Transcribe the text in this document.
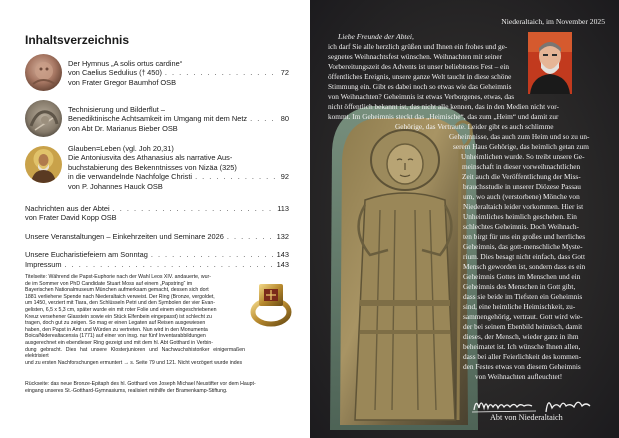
Inhaltsverzeichnis
Der Hymnus „A solis ortus cardine“
von Caelius Sedulius († 450) . . .	72
von Frater Gregor Baumhof OSB
Technisierung und Bilderflut –
Benediktinische Achtsamkeit im Umgang mit dem Netz . . .	80
von Abt Dr. Marianus Bieber OSB
Glauben=Leben (vgl. Joh 20,31)
Die Antoniusvita des Athanasius als narrative Aus-
buchstabierung des Bekenntnisses von Nizäa (325)
in die verwandelnde Nachfolge Christi . . .	92
von P. Johannes Hauck OSB
Nachrichten aus der Abtei . . .	113
von Frater David Kopp OSB
Unsere Veranstaltungen – Einkehrzeiten und Seminare 2026 . . .	132
Unsere Eucharistiefeiern am Sonntag . . .	143
Impressum . . .	143
Titelseite: Während die Papst-Euphorie nach der Wahl Leos XIV. andauerte, wur-
de im Sommer von PhD Candidate Stuart Moss auf einem „Papstring“ im
Bayerischen Nationalmuseum München aufmerksam gemacht, dessen sich dort
1881 verliehene Spende nach Niederaltaich verweist. Der Ring (Bronze, vergoldet,
um 1450, verziert mit Tiara, den Schlüsseln Petri und den Symbolen der vier Evan-
gelisten, 6,5 x 5,3 cm, später wurde ein mit roter Folie und einem eingeschriebenen
Kreuz versehener Glasstein sowie ein Stück Elfenbein eingepasst) ist schlecht zu
tragen, doch gut zu zeigen. So mag er einen Legaten auf Reisen ausgewiesen
haben, den Papst in Amt und Würden zu vertreten. Nun wird in den Monumenta
Boica/Niderealtacensia (1771) auf einer von insg. nur fünf Inventarabbildungen
ausgerechnet ein ebendieser Ring gezeigt und mit dem hl. Abt Gotthard in Verbin-
dung gebracht. Dies hat unsere Klosterjunioren und Nachwuchshistoriker einigermaßen elektrisiert
und zu ersten Nachforschungen ermuntert → s. Seite 79 und 121. Nicht verzögert wurde indes
Rückseite: das neue Bronze-Epitaph des hl. Gotthard von Joseph Michael Neustifter vor dem Haupt-
eingang unseres St.-Gotthard-Gymnasiums, realisiert mithilfe der Bramenkamp-Stiftung.
Niederaltaich, im November 2025
Liebe Freunde der Abtei,
ich darf Sie alle herzlich grüßen und Ihnen ein frohes und ge-
segnetes Weihnachtsfest wünschen. Weihnachten mit seiner
Vorbereitungszeit des Advents ist unser beliebtestes Fest – ein
öffentliches Ereignis, unsere ganze Welt taucht in diese schöne
Stimmung ein. Gibt es dabei noch so etwas wie das Geheimnis
von Weihnachten? Geheimnis ist etwas Verborgenes, etwas, das
nicht öffentlich bekannt ist, das nicht alle kennen, das in den Medien nicht vor-
kommt. Im Geheimnis steckt das „Heimische“, das zum „Heim“ und damit zur
Gehörige, das Vertraute. Leider gibt es auch schlimme
Geheimnisse, das auch zum Heim und so zu un-
serem Haus Gehörige, das heimlich getan zum
Unheimlichen wurde. So treibt unsere Ge-
meinschaft in dieser vorweihnachtlichen
Zeit auch die Veröffentlichung der Miss-
brauchsstudie in unserer Diözese Passau
um, wo auch (verstorbene) Mönche von
Niederaltaich leider vorkommen. Hier ist
Unheimliches heimlich geschehen. Ein
schlechtes Geheimnis. Doch Weihnach-
ten birgt für uns ein großes und herrliches
Geheimnis, das gott-menschliche Myste-
rium. Dies besagt nicht einfach, dass Gott
Mensch geworden ist, sondern dass es ein
Geheimnis Gottes im Menschen und ein
Geheimnis des Menschen in Gott gibt,
dass sie beide im Tiefsten ein Geheimnis
sind, eine heimliche Heimischkeit, zu-
sammengehörig, vertraut. Gott wird wie-
der bei seinem Ebenbild heimisch, damit
dieses, der Mensch, wieder ganz in ihm
beheimatet ist. Ich wünsche Ihnen allen,
dass bei aller Feierlichkeit des kommen-
den Festes etwas von diesem Geheimnis
von Weihnachten aufleuchtet!
Abt von Niederaltaich
